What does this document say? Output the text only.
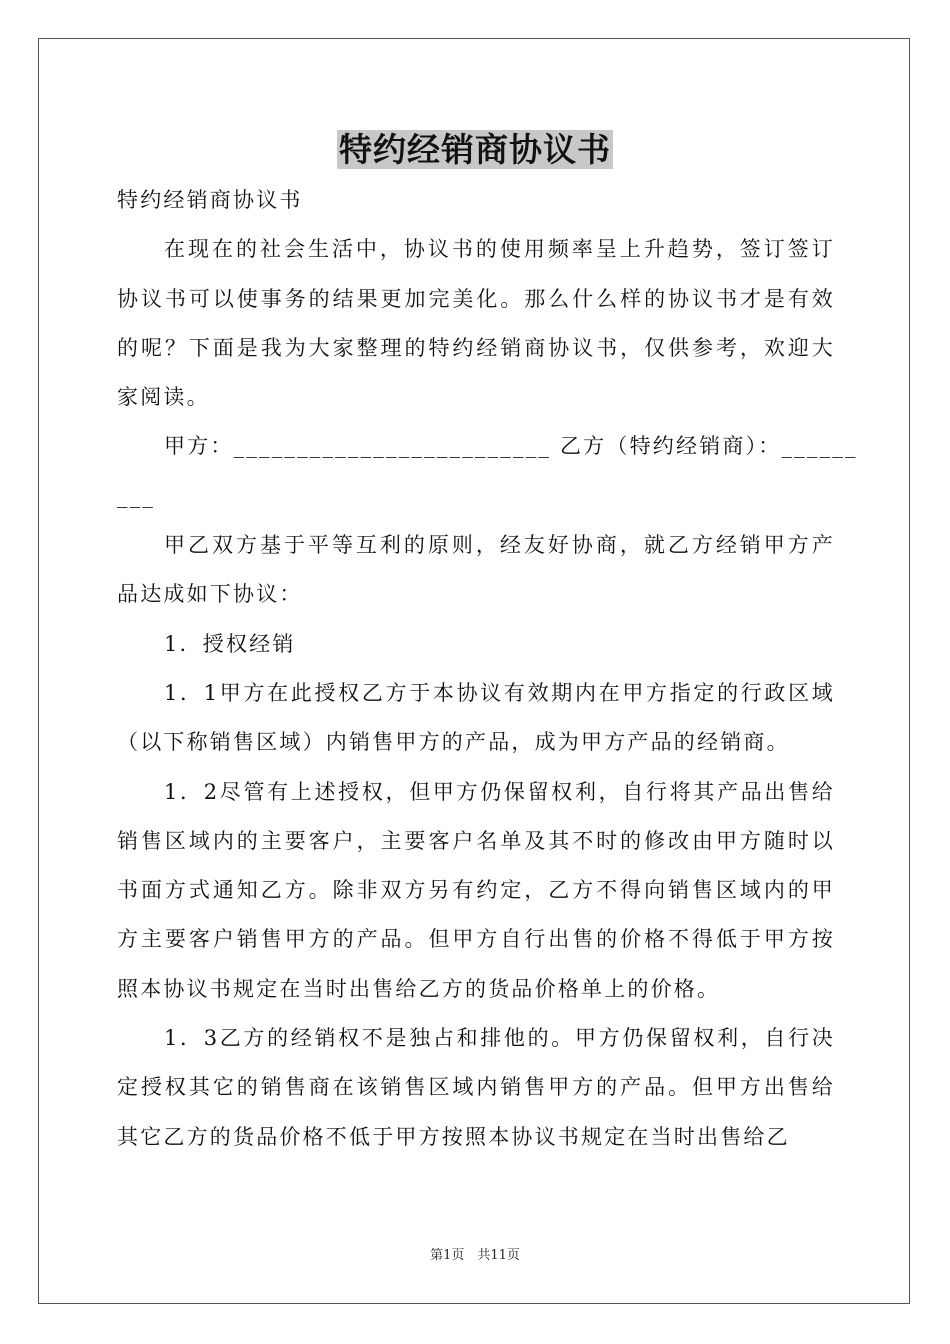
特约经销商协议书

特约经销商协议书

在现在的社会生活中，协议书的使用频率呈上升趋势，签订签订协议书可以使事务的结果更加完美化。那么什么样的协议书才是有效的呢？下面是我为大家整理的特约经销商协议书，仅供参考，欢迎大家阅读。

甲方：_________________________ 乙方（特约经销商）：______

___

甲乙双方基于平等互利的原则，经友好协商，就乙方经销甲方产品达成如下协议：

1．授权经销

1．1甲方在此授权乙方于本协议有效期内在甲方指定的行政区域（以下称销售区域）内销售甲方的产品，成为甲方产品的经销商。

1．2尽管有上述授权，但甲方仍保留权利，自行将其产品出售给销售区域内的主要客户，主要客户名单及其不时的修改由甲方随时以书面方式通知乙方。除非双方另有约定，乙方不得向销售区域内的甲方主要客户销售甲方的产品。但甲方自行出售的价格不得低于甲方按照本协议书规定在当时出售给乙方的货品价格单上的价格。

1．3乙方的经销权不是独占和排他的。甲方仍保留权利，自行决定授权其它的销售商在该销售区域内销售甲方的产品。但甲方出售给其它乙方的货品价格不低于甲方按照本协议书规定在当时出售给乙

第1页　共11页
